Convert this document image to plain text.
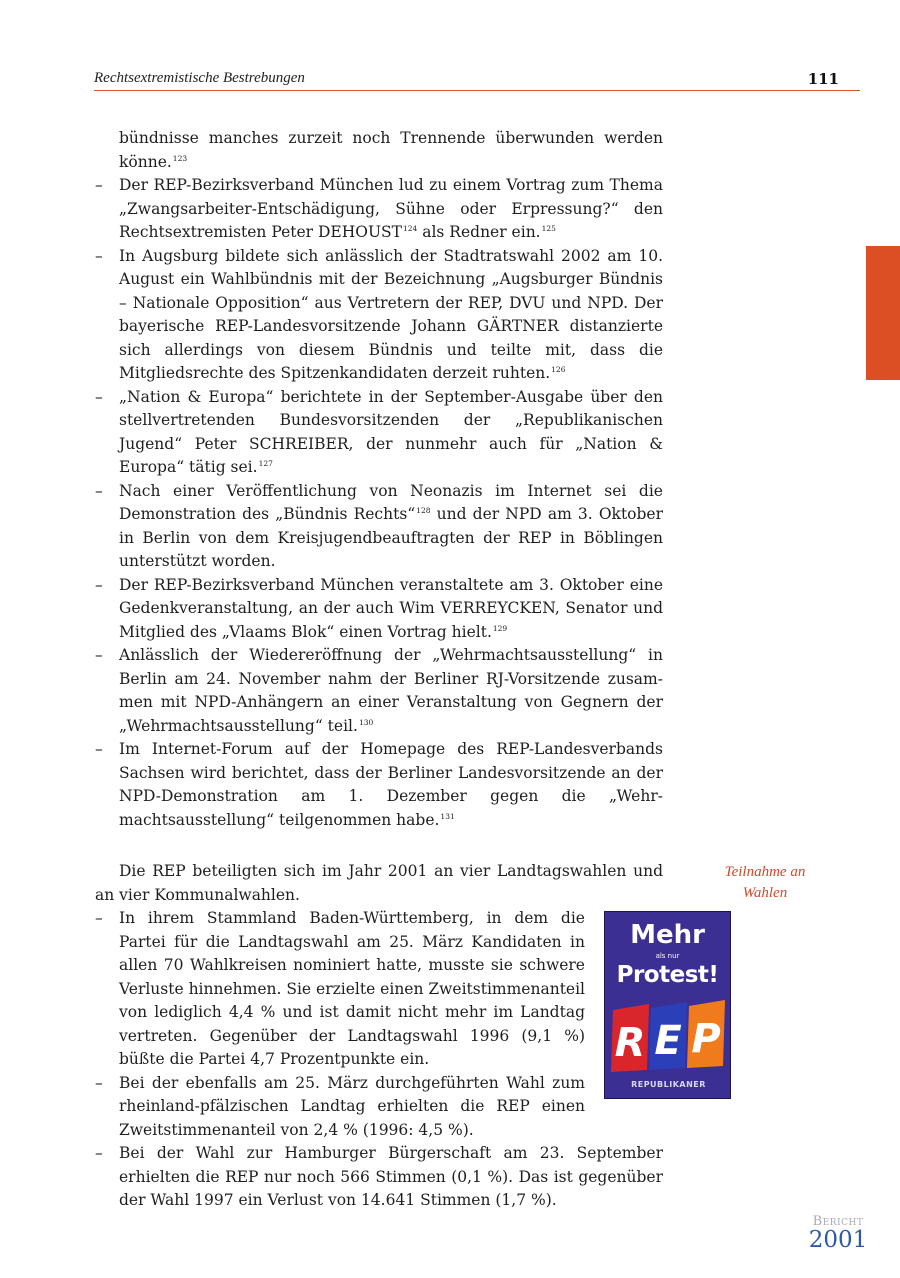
Rechtsextremistische Bestrebungen	111

bündnisse manches zurzeit noch Trennende überwunden werden könne.$^{123}$

– Der REP-Bezirksverband München lud zu einem Vortrag zum Thema „Zwangsarbeiter-Entschädigung, Sühne oder Erpressung?“ den Rechtsextremisten Peter DEHOUST$^{124}$ als Redner ein.$^{125}$
– In Augsburg bildete sich anlässlich der Stadtratswahl 2002 am 10. August ein Wahlbündnis mit der Bezeichnung „Augsburger Bündnis – Nationale Opposition“ aus Vertretern der REP, DVU und NPD. Der bayerische REP-Landesvorsitzende Johann GÄRTNER distanzierte sich allerdings von diesem Bündnis und teilte mit, dass die Mitgliedsrechte des Spitzenkandidaten derzeit ruhten.$^{126}$
– „Nation & Europa“ berichtete in der September-Ausgabe über den stellvertretenden Bundesvorsitzenden der „Republikanischen Jugend“ Peter SCHREIBER, der nunmehr auch für „Nation & Europa“ tätig sei.$^{127}$
– Nach einer Veröffentlichung von Neonazis im Internet sei die Demonstration des „Bündnis Rechts“$^{128}$ und der NPD am 3. Oktober in Berlin von dem Kreisjugendbeauftragten der REP in Böblingen unterstützt worden.
– Der REP-Bezirksverband München veranstaltete am 3. Oktober eine Gedenkveranstaltung, an der auch Wim VERREYCKEN, Senator und Mitglied des „Vlaams Blok“ einen Vortrag hielt.$^{129}$
– Anlässlich der Wiedereröffnung der „Wehrmachtsausstellung“ in Berlin am 24. November nahm der Berliner RJ-Vorsitzende zusammen mit NPD-Anhängern an einer Veranstaltung von Gegnern der „Wehrmachtsausstellung“ teil.$^{130}$
– Im Internet-Forum auf der Homepage des REP-Landesverbands Sachsen wird berichtet, dass der Berliner Landesvorsitzende an der NPD-Demonstration am 1. Dezember gegen die „Wehrmachtsausstellung“ teilgenommen habe.$^{131}$
Teilnahme an
Wahlen

Die REP beteiligten sich im Jahr 2001 an vier Landtagswahlen und an vier Kommunalwahlen.

– In ihrem Stammland Baden-Württemberg, in dem die Partei für die Landtagswahl am 25. März Kandidaten in allen 70 Wahlkreisen nominiert hatte, musste sie schwere Verluste hinnehmen. Sie erzielte einen Zweitstimmenanteil von lediglich 4,4 % und ist damit nicht mehr im Landtag vertreten. Gegenüber der Landtagswahl 1996 (9,1 %) büßte die Partei 4,7 Prozentpunkte ein.
– Bei der ebenfalls am 25. März durchgeführten Wahl zum rheinland-pfälzischen Landtag erhielten die REP einen Zweitstimmenanteil von 2,4 % (1996: 4,5 %).
– Bei der Wahl zur Hamburger Bürgerschaft am 23. September erhielten die REP nur noch 566 Stimmen (0,1 %). Das ist gegenüber der Wahl 1997 ein Verlust von 14.641 Stimmen (1,7 %).
Mehr
als nur
Protest!
R E P
REPUBLIKANER
Bericht
2001
